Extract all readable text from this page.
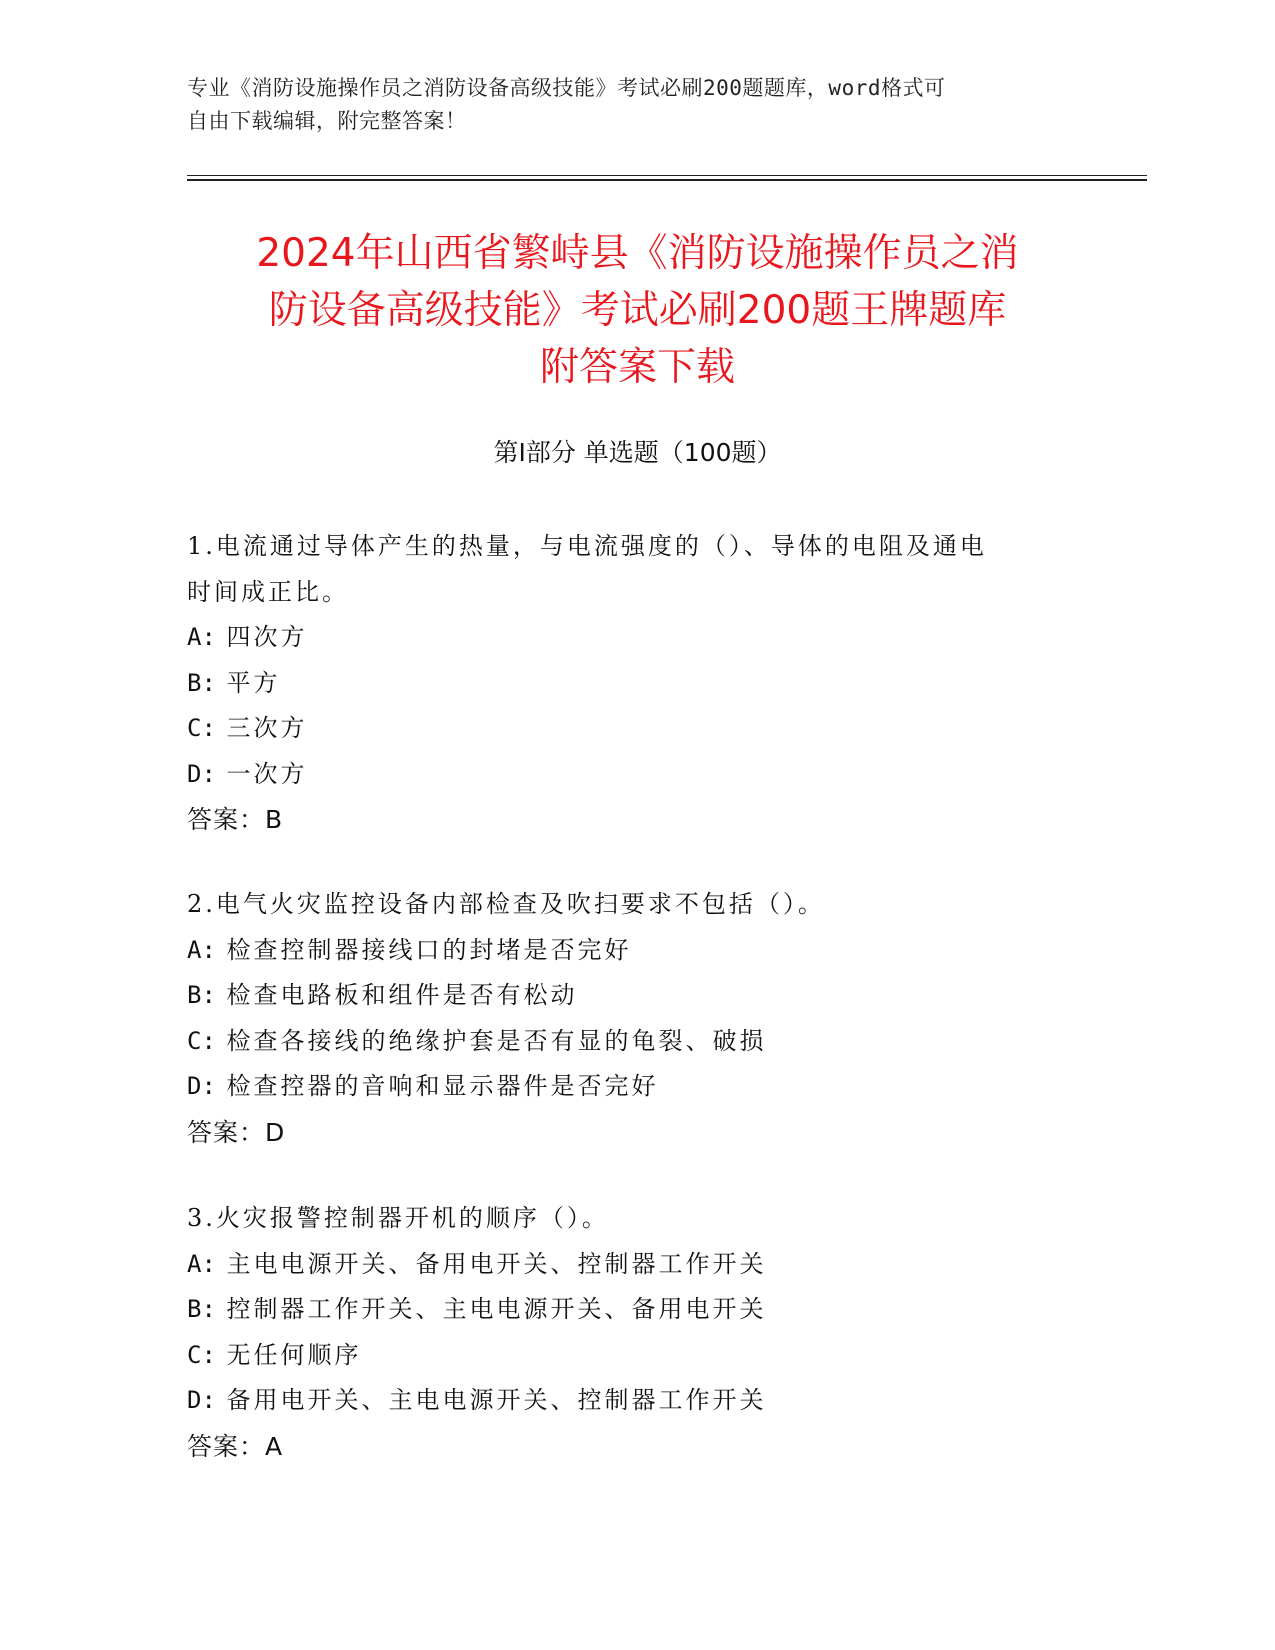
专业《消防设施操作员之消防设备高级技能》考试必刷200题题库，word格式可
自由下载编辑，附完整答案！
2024年山西省繁峙县《消防设施操作员之消
防设备高级技能》考试必刷200题王牌题库
附答案下载
第Ⅰ部分 单选题（100题）
1.电流通过导体产生的热量，与电流强度的（）、导体的电阻及通电
时间成正比。
A: 四次方
B: 平方
C: 三次方
D: 一次方
答案：B
2.电气火灾监控设备内部检查及吹扫要求不包括（）。
A: 检查控制器接线口的封堵是否完好
B: 检查电路板和组件是否有松动
C: 检查各接线的绝缘护套是否有显的龟裂、破损
D: 检查控器的音响和显示器件是否完好
答案：D
3.火灾报警控制器开机的顺序（）。
A: 主电电源开关、备用电开关、控制器工作开关
B: 控制器工作开关、主电电源开关、备用电开关
C: 无任何顺序
D: 备用电开关、主电电源开关、控制器工作开关
答案：A
